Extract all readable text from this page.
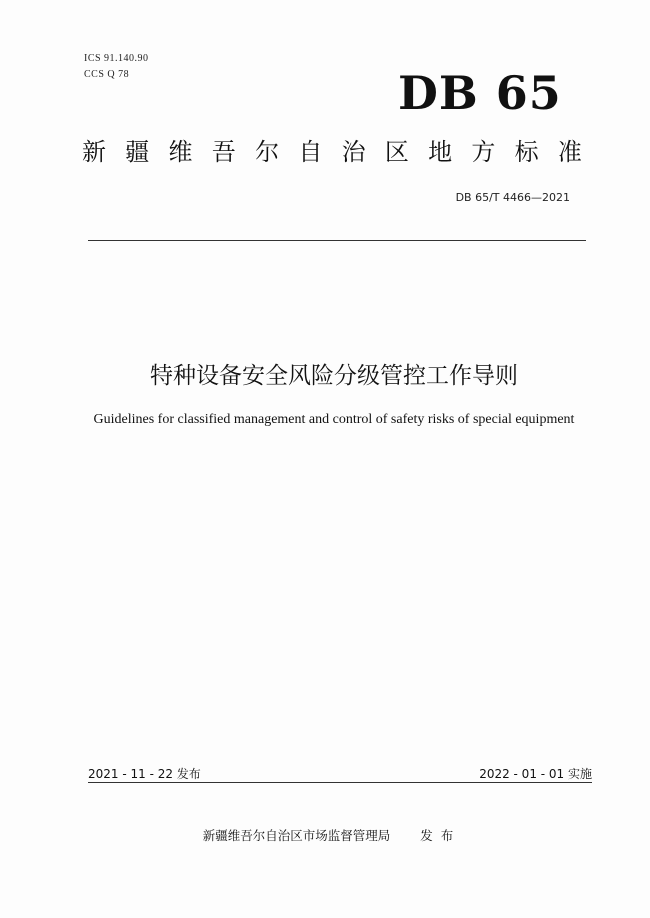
ICS 91.140.90
CCS Q 78	DB 65
新 疆 维 吾 尔 自 治 区 地 方 标 准
DB 65/T 4466—2021
特种设备安全风险分级管控工作导则
Guidelines for classified management and control of safety risks of special equipment
2021 - 11 - 22 发布	2022 - 01 - 01 实施
新疆维吾尔自治区市场监督管理局 发布
